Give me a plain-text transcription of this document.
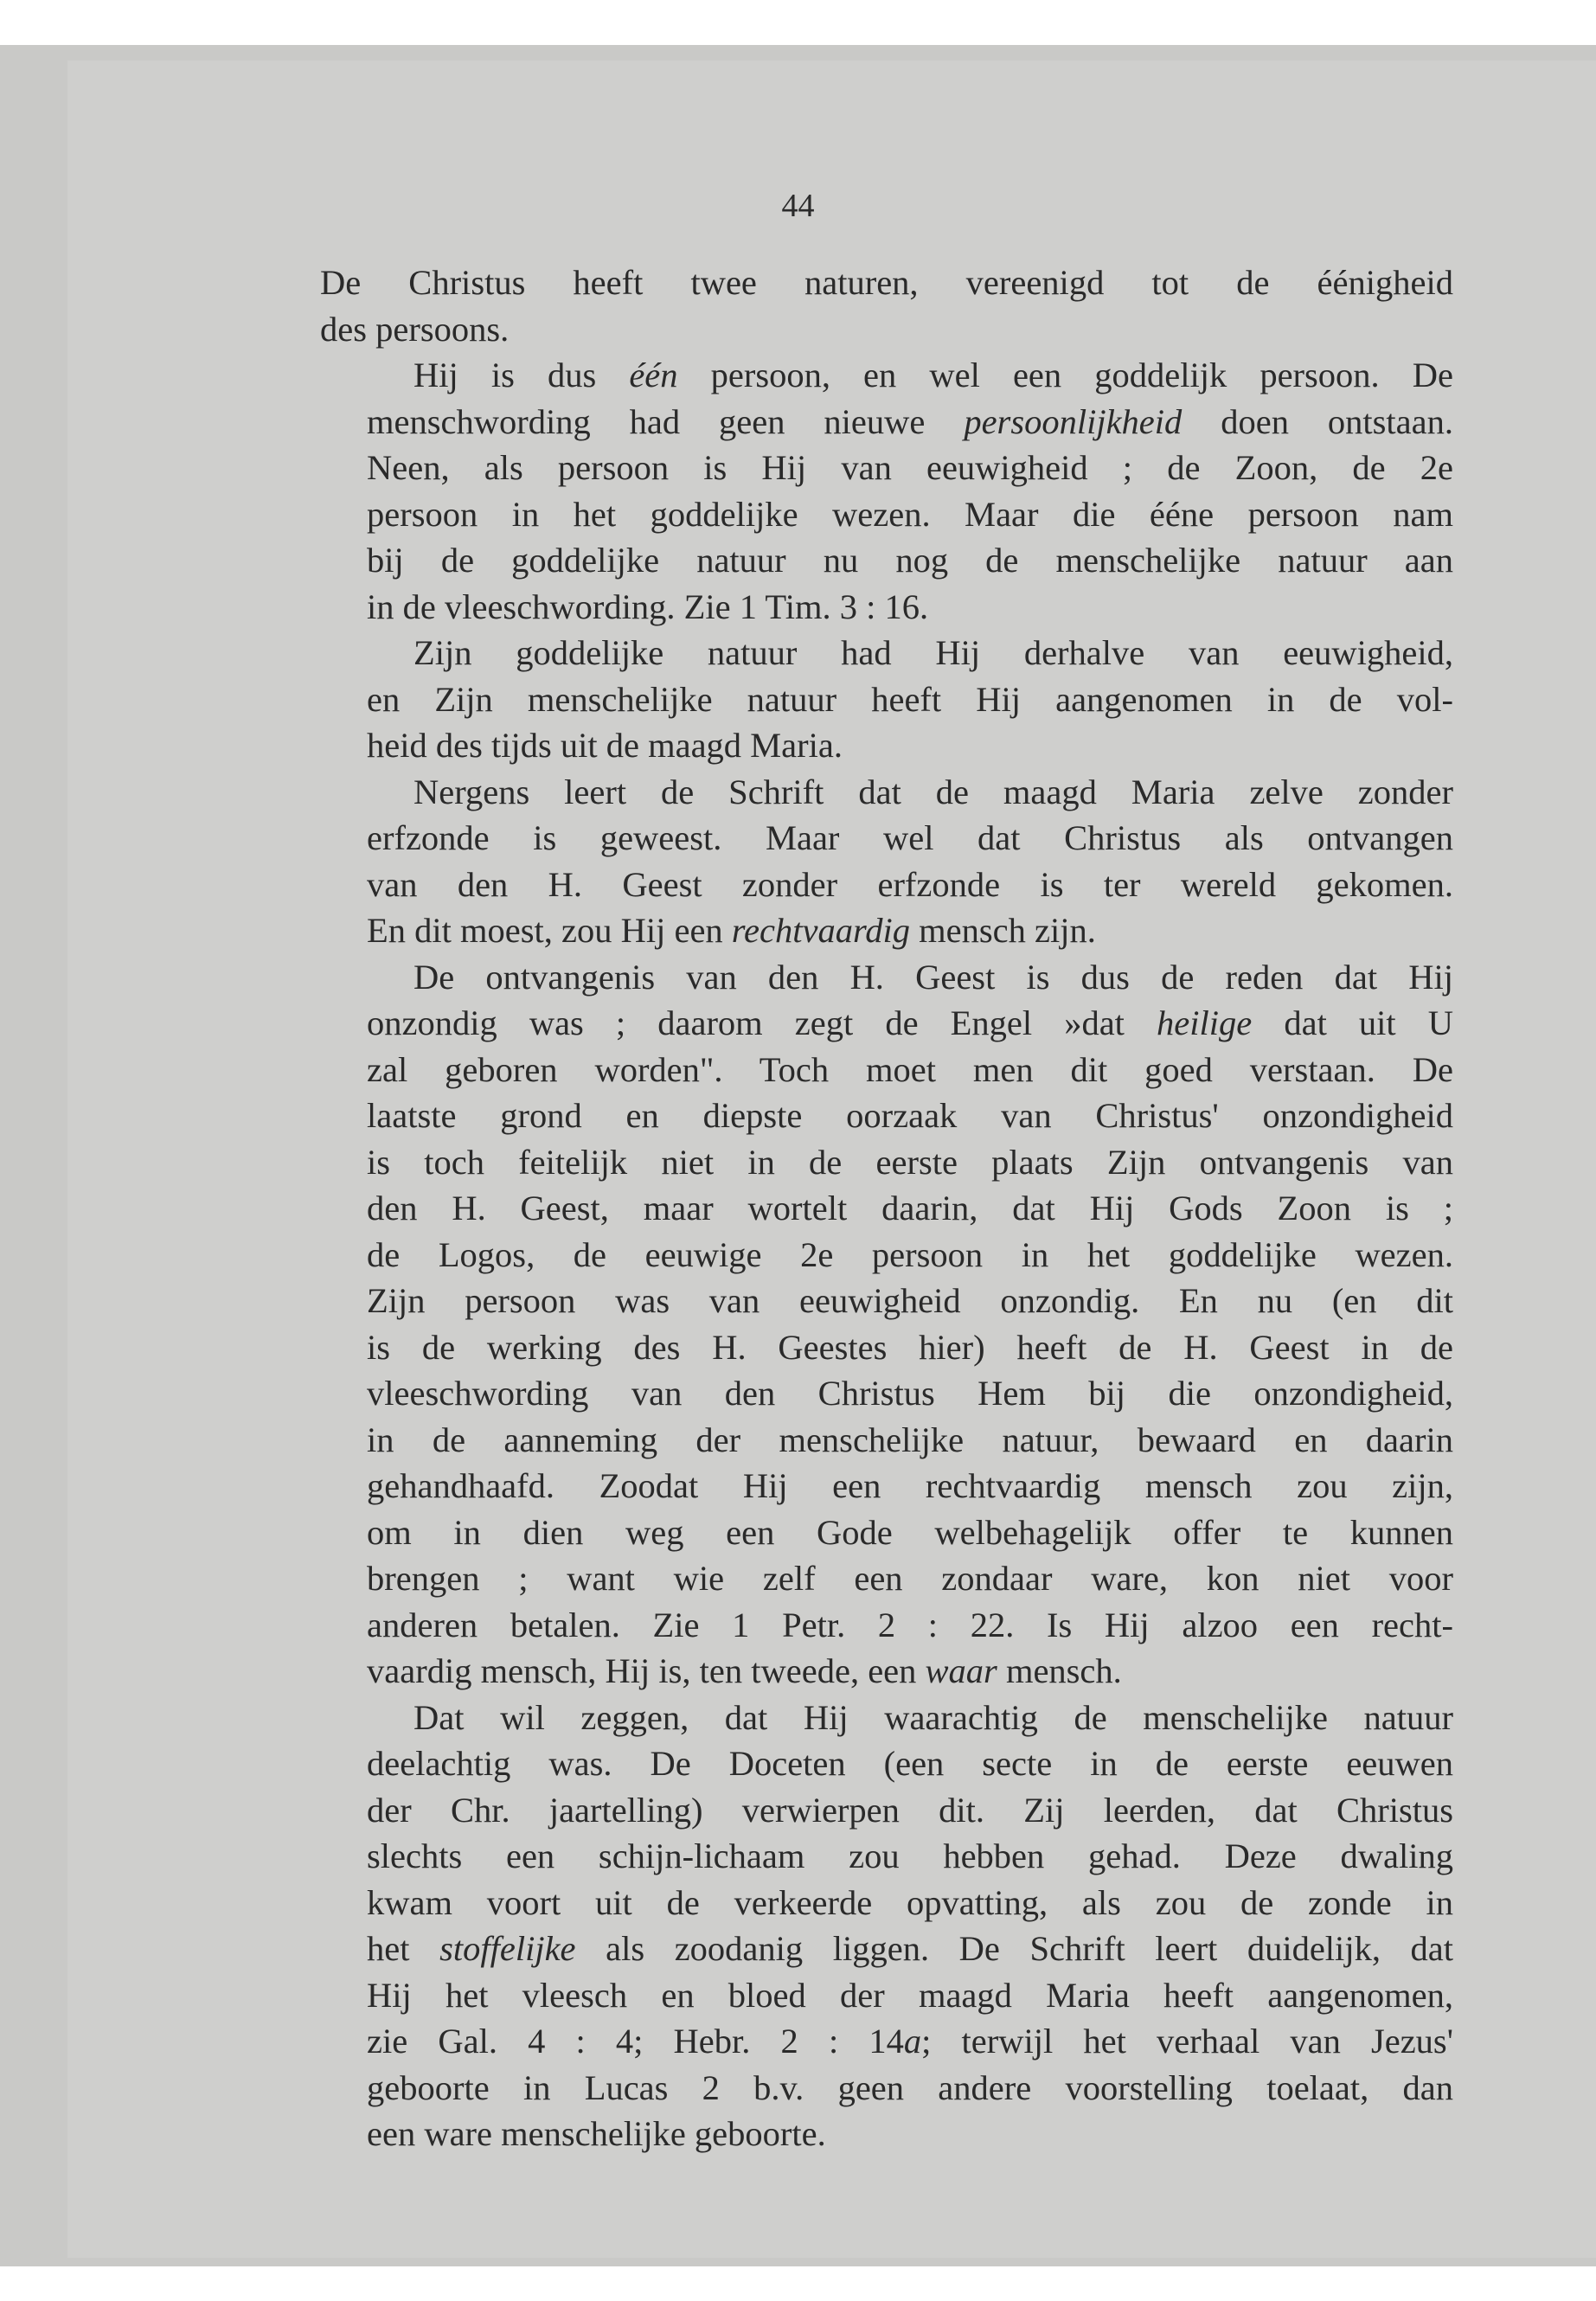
44

De Christus heeft twee naturen, vereenigd tot de éénigheid
des persoons.

Hij is dus één persoon, en wel een goddelijk persoon. De
menschwording had geen nieuwe persoonlijkheid doen ontstaan.
Neen, als persoon is Hij van eeuwigheid ; de Zoon, de 2e
persoon in het goddelijke wezen. Maar die ééne persoon nam
bij de goddelijke natuur nu nog de menschelijke natuur aan
in de vleeschwording. Zie 1 Tim. 3 : 16.

Zijn goddelijke natuur had Hij derhalve van eeuwigheid,
en Zijn menschelijke natuur heeft Hij aangenomen in de vol-
heid des tijds uit de maagd Maria.

Nergens leert de Schrift dat de maagd Maria zelve zonder
erfzonde is geweest. Maar wel dat Christus als ontvangen
van den H. Geest zonder erfzonde is ter wereld gekomen.
En dit moest, zou Hij een rechtvaardig mensch zijn.

De ontvangenis van den H. Geest is dus de reden dat Hij
onzondig was ; daarom zegt de Engel »dat heilige dat uit U
zal geboren worden". Toch moet men dit goed verstaan. De
laatste grond en diepste oorzaak van Christus' onzondigheid
is toch feitelijk niet in de eerste plaats Zijn ontvangenis van
den H. Geest, maar wortelt daarin, dat Hij Gods Zoon is ;
de Logos, de eeuwige 2e persoon in het goddelijke wezen.
Zijn persoon was van eeuwigheid onzondig. En nu (en dit
is de werking des H. Geestes hier) heeft de H. Geest in de
vleeschwording van den Christus Hem bij die onzondigheid,
in de aanneming der menschelijke natuur, bewaard en daarin
gehandhaafd. Zoodat Hij een rechtvaardig mensch zou zijn,
om in dien weg een Gode welbehagelijk offer te kunnen
brengen ; want wie zelf een zondaar ware, kon niet voor
anderen betalen. Zie 1 Petr. 2 : 22. Is Hij alzoo een recht-
vaardig mensch, Hij is, ten tweede, een waar mensch.

Dat wil zeggen, dat Hij waarachtig de menschelijke natuur
deelachtig was. De Doceten (een secte in de eerste eeuwen
der Chr. jaartelling) verwierpen dit. Zij leerden, dat Christus
slechts een schijn-lichaam zou hebben gehad. Deze dwaling
kwam voort uit de verkeerde opvatting, als zou de zonde in
het stoffelijke als zoodanig liggen. De Schrift leert duidelijk, dat
Hij het vleesch en bloed der maagd Maria heeft aangenomen,
zie Gal. 4 : 4; Hebr. 2 : 14a; terwijl het verhaal van Jezus'
geboorte in Lucas 2 b.v. geen andere voorstelling toelaat, dan
een ware menschelijke geboorte.
